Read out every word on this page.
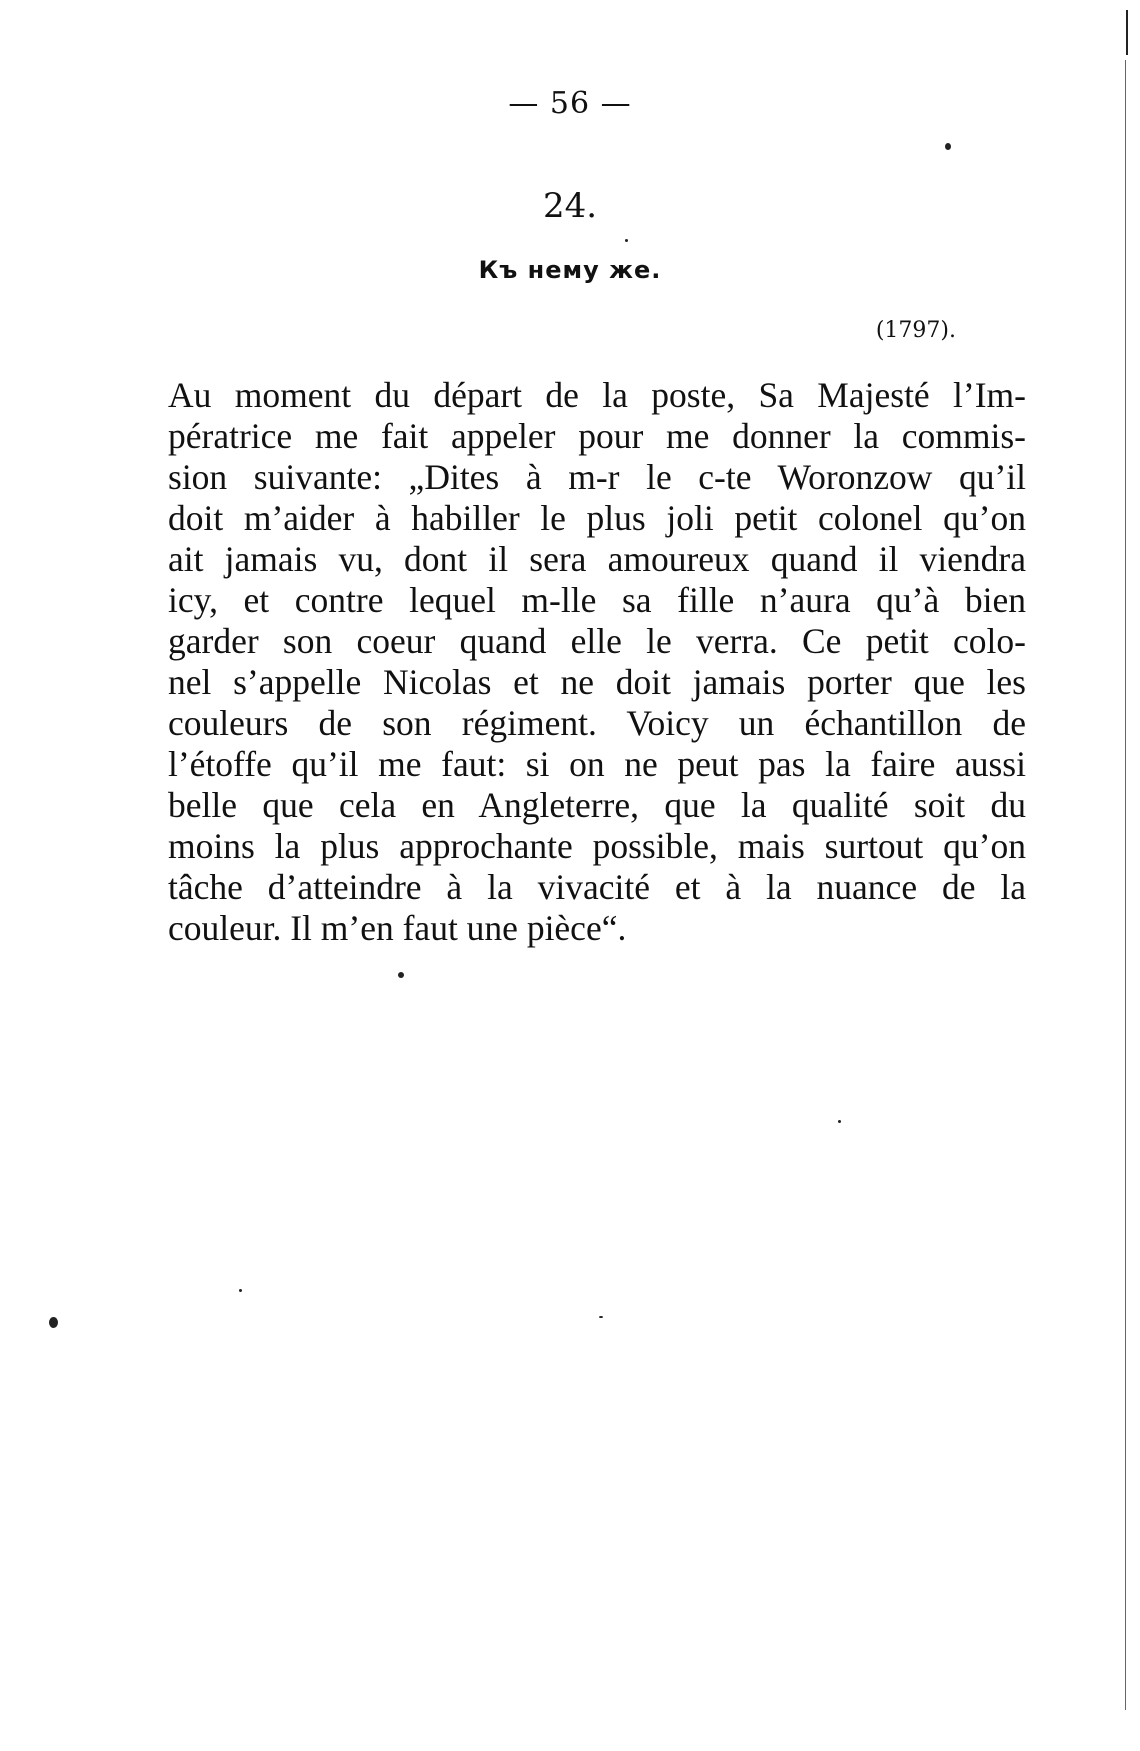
— 56 —
24.
Къ нему же.
(1797).
Au moment du départ de la poste, Sa Majesté l’Im-
pératrice me fait appeler pour me donner la commis-
sion suivante: „Dites à m-r le c-te Woronzow qu’il
doit m’aider à habiller le plus joli petit colonel qu’on
ait jamais vu, dont il sera amoureux quand il viendra
icy, et contre lequel m-lle sa fille n’aura qu’à bien
garder son coeur quand elle le verra. Ce petit colo-
nel s’appelle Nicolas et ne doit jamais porter que les
couleurs de son régiment. Voicy un échantillon de
l’étoffe qu’il me faut: si on ne peut pas la faire aussi
belle que cela en Angleterre, que la qualité soit du
moins la plus approchante possible, mais surtout qu’on
tâche d’atteindre à la vivacité et à la nuance de la
couleur. Il m’en faut une pièce“.
